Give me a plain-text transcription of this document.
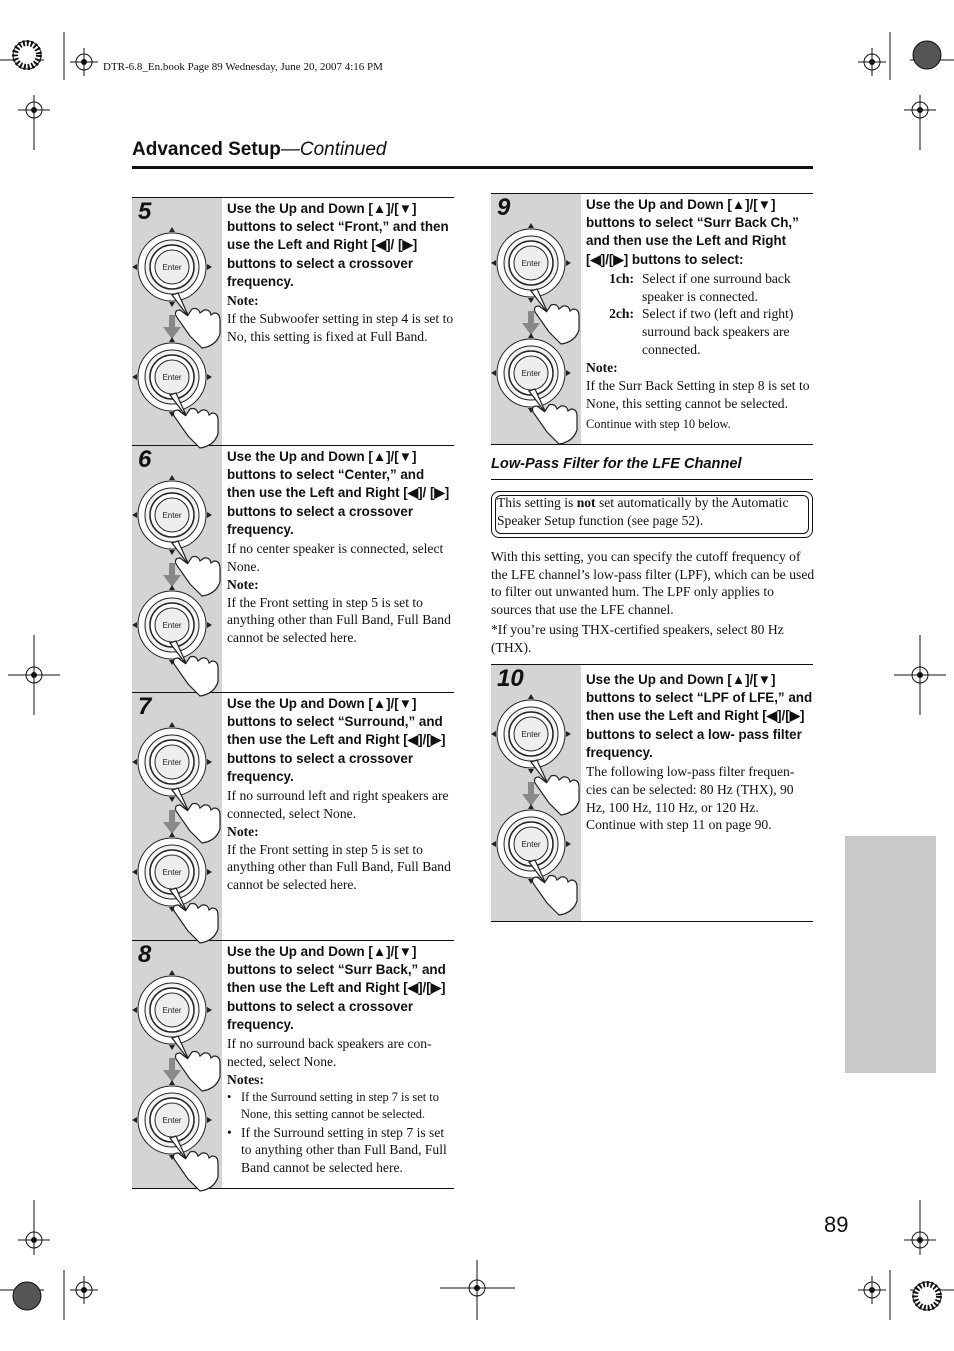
DTR-6.8_En.book Page 89 Wednesday, June 20, 2007 4:16 PM
Advanced Setup—Continued
5	Use the Up and Down [▲]/[▼] buttons to select “Front,” and then use the Left and Right [◀]/ [▶] buttons to select a crossover frequency.

Note:

If the Subwoofer setting in step 4 is set to No, this setting is fixed at Full Band.

6	Use the Up and Down [▲]/[▼] buttons to select “Center,” and then use the Left and Right [◀]/ [▶] buttons to select a crossover frequency.

If no center speaker is connected, select None.

Note:

If the Front setting in step 5 is set to anything other than Full Band, Full Band cannot be selected here.

7	Use the Up and Down [▲]/[▼] buttons to select “Surround,” and then use the Left and Right [◀]/[▶] buttons to select a crossover frequency.

If no surround left and right speakers are connected, select None.

Note:

If the Front setting in step 5 is set to anything other than Full Band, Full Band cannot be selected here.

8	Use the Up and Down [▲]/[▼] buttons to select “Surr Back,” and then use the Left and Right [◀]/[▶] buttons to select a crossover frequency.

If no surround back speakers are con- nected, select None.

Notes:

• If the Surround setting in step 7 is set to None, this setting cannot be selected.

• If the Surround setting in step 7 is set to anything other than Full Band, Full Band cannot be selected here.

9	Use the Up and Down [▲]/[▼] buttons to select “Surr Back Ch,” and then use the Left and Right [◀]/[▶] buttons to select:

1ch: Select if one surround back speaker is connected.
2ch: Select if two (left and right) surround back speakers are connected.

Note:

If the Surr Back Setting in step 8 is set to None, this setting cannot be selected.

Continue with step 10 below.

Low-Pass Filter for the LFE Channel

This setting is not set automatically by the Automatic Speaker Setup function (see page 52).

With this setting, you can specify the cutoff frequency of the LFE channel’s low-pass filter (LPF), which can be used to filter out unwanted hum. The LPF only applies to sources that use the LFE channel.

*If you’re using THX-certified speakers, select 80 Hz (THX).

10	Use the Up and Down [▲]/[▼] buttons to select “LPF of LFE,” and then use the Left and Right [◀]/[▶] buttons to select a low- pass filter frequency.

The following low-pass filter frequen- cies can be selected: 80 Hz (THX), 90 Hz, 100 Hz, 110 Hz, or 120 Hz.

Continue with step 11 on page 90.

89
Enter
Enter
Enter
Enter
Enter
Enter
Enter
Enter
Enter
Enter
Enter
Enter
